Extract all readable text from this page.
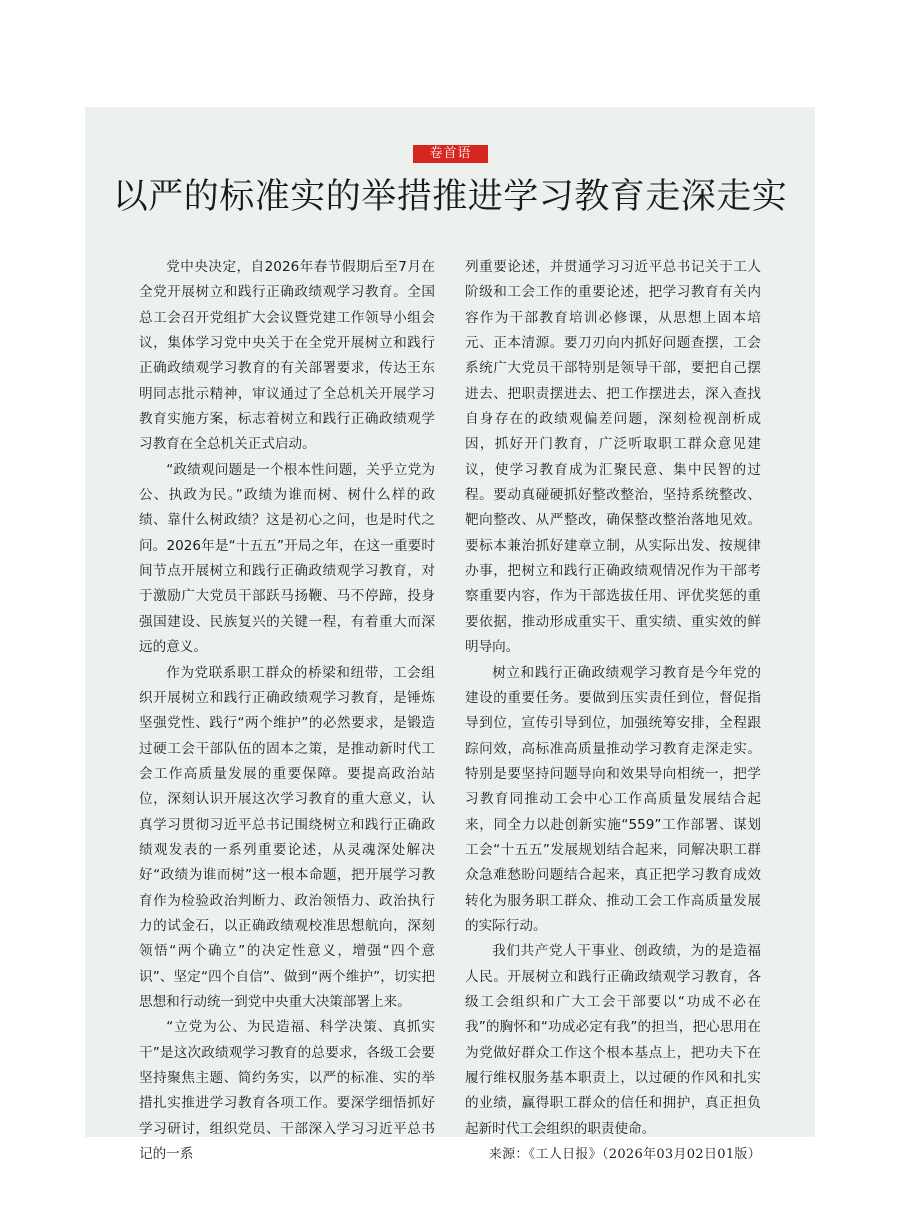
卷首语
以严的标准实的举措推进学习教育走深走实

党中央决定，自2026年春节假期后至7月在全党开展树立和践行正确政绩观学习教育。全国总工会召开党组扩大会议暨党建工作领导小组会议，集体学习党中央关于在全党开展树立和践行正确政绩观学习教育的有关部署要求，传达王东明同志批示精神，审议通过了全总机关开展学习教育实施方案，标志着树立和践行正确政绩观学习教育在全总机关正式启动。

“政绩观问题是一个根本性问题，关乎立党为公、执政为民。”政绩为谁而树、树什么样的政绩、靠什么树政绩？这是初心之问，也是时代之问。2026年是“十五五”开局之年，在这一重要时间节点开展树立和践行正确政绩观学习教育，对于激励广大党员干部跃马扬鞭、马不停蹄，投身强国建设、民族复兴的关键一程，有着重大而深远的意义。

作为党联系职工群众的桥梁和纽带，工会组织开展树立和践行正确政绩观学习教育，是锤炼坚强党性、践行“两个维护”的必然要求，是锻造过硬工会干部队伍的固本之策，是推动新时代工会工作高质量发展的重要保障。要提高政治站位，深刻认识开展这次学习教育的重大意义，认真学习贯彻习近平总书记围绕树立和践行正确政绩观发表的一系列重要论述，从灵魂深处解决好“政绩为谁而树”这一根本命题，把开展学习教育作为检验政治判断力、政治领悟力、政治执行力的试金石，以正确政绩观校准思想航向，深刻领悟“两个确立”的决定性意义，增强“四个意识”、坚定“四个自信”、做到“两个维护”，切实把思想和行动统一到党中央重大决策部署上来。

“立党为公、为民造福、科学决策、真抓实干”是这次政绩观学习教育的总要求，各级工会要坚持聚焦主题、简约务实，以严的标准、实的举措扎实推进学习教育各项工作。要深学细悟抓好学习研讨，组织党员、干部深入学习习近平总书记的一系

列重要论述，并贯通学习习近平总书记关于工人阶级和工会工作的重要论述，把学习教育有关内容作为干部教育培训必修课，从思想上固本培元、正本清源。要刀刃向内抓好问题查摆，工会系统广大党员干部特别是领导干部，要把自己摆进去、把职责摆进去、把工作摆进去，深入查找自身存在的政绩观偏差问题，深刻检视剖析成因，抓好开门教育，广泛听取职工群众意见建议，使学习教育成为汇聚民意、集中民智的过程。要动真碰硬抓好整改整治，坚持系统整改、靶向整改、从严整改，确保整改整治落地见效。要标本兼治抓好建章立制，从实际出发、按规律办事，把树立和践行正确政绩观情况作为干部考察重要内容，作为干部选拔任用、评优奖惩的重要依据，推动形成重实干、重实绩、重实效的鲜明导向。

树立和践行正确政绩观学习教育是今年党的建设的重要任务。要做到压实责任到位，督促指导到位，宣传引导到位，加强统筹安排，全程跟踪问效，高标准高质量推动学习教育走深走实。特别是要坚持问题导向和效果导向相统一，把学习教育同推动工会中心工作高质量发展结合起来，同全力以赴创新实施“559”工作部署、谋划工会“十五五”发展规划结合起来，同解决职工群众急难愁盼问题结合起来，真正把学习教育成效转化为服务职工群众、推动工会工作高质量发展的实际行动。

我们共产党人干事业、创政绩，为的是造福人民。开展树立和践行正确政绩观学习教育，各级工会组织和广大工会干部要以“功成不必在我”的胸怀和“功成必定有我”的担当，把心思用在为党做好群众工作这个根本基点上，把功夫下在履行维权服务基本职责上，以过硬的作风和扎实的业绩，赢得职工群众的信任和拥护，真正担负起新时代工会组织的职责使命。

来源：《工人日报》（2026年03月02日01版）
